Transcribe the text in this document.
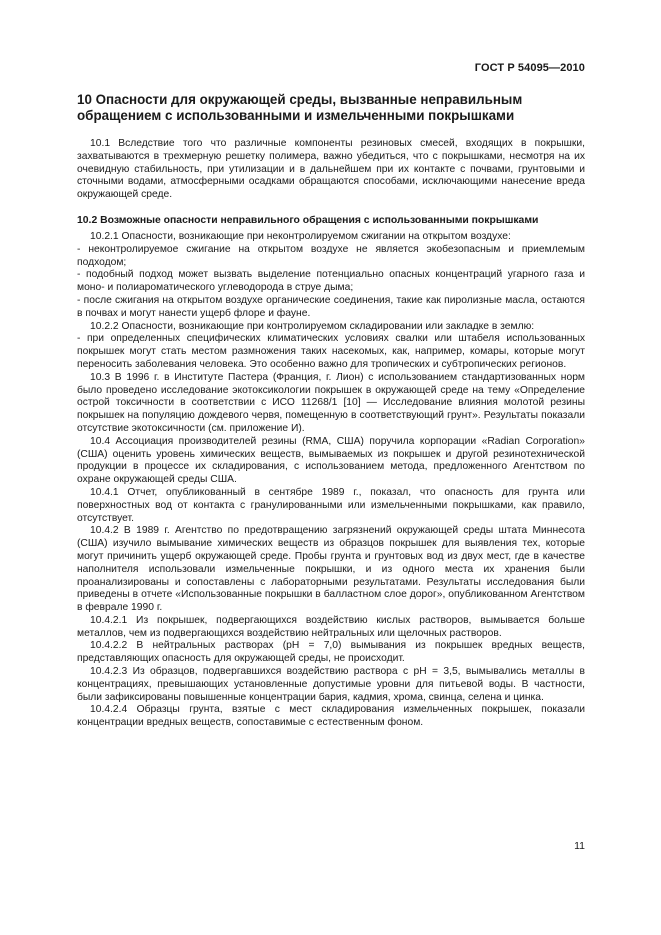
ГОСТ Р 54095—2010
10 Опасности для окружающей среды, вызванные неправильным обращением с использованными и измельченными покрышками

10.1 Вследствие того что различные компоненты резиновых смесей, входящих в покрышки, захватываются в трехмерную решетку полимера, важно убедиться, что с покрышками, несмотря на их очевидную стабильность, при утилизации и в дальнейшем при их контакте с почвами, грунтовыми и сточными водами, атмосферными осадками обращаются способами, исключающими нанесение вреда окружающей среде.

10.2 Возможные опасности неправильного обращения с использованными покрышками

10.2.1 Опасности, возникающие при неконтролируемом сжигании на открытом воздухе:

- неконтролируемое сжигание на открытом воздухе не является экобезопасным и приемлемым подходом;

- подобный подход может вызвать выделение потенциально опасных концентраций угарного газа и моно- и полиароматического углеводорода в струе дыма;

- после сжигания на открытом воздухе органические соединения, такие как пиролизные масла, остаются в почвах и могут нанести ущерб флоре и фауне.

10.2.2 Опасности, возникающие при контролируемом складировании или закладке в землю:

- при определенных специфических климатических условиях свалки или штабеля использованных покрышек могут стать местом размножения таких насекомых, как, например, комары, которые могут переносить заболевания человека. Это особенно важно для тропических и субтропических регионов.

10.3 В 1996 г. в Институте Пастера (Франция, г. Лион) с использованием стандартизованных норм было проведено исследование экотоксикологии покрышек в окружающей среде на тему «Определение острой токсичности в соответствии с ИСО 11268/1 [10] — Исследование влияния молотой резины покрышек на популяцию дождевого червя, помещенную в соответствующий грунт». Результаты показали отсутствие экотоксичности (см. приложение И).

10.4 Ассоциация производителей резины (RMA, США) поручила корпорации «Radian Corporation» (США) оценить уровень химических веществ, вымываемых из покрышек и другой резинотехнической продукции в процессе их складирования, с использованием метода, предложенного Агентством по охране окружающей среды США.

10.4.1 Отчет, опубликованный в сентябре 1989 г., показал, что опасность для грунта или поверхностных вод от контакта с гранулированными или измельченными покрышками, как правило, отсутствует.

10.4.2 В 1989 г. Агентство по предотвращению загрязнений окружающей среды штата Миннесота (США) изучило вымывание химических веществ из образцов покрышек для выявления тех, которые могут причинить ущерб окружающей среде. Пробы грунта и грунтовых вод из двух мест, где в качестве наполнителя использовали измельченные покрышки, и из одного места их хранения были проанализированы и сопоставлены с лабораторными результатами. Результаты исследования были приведены в отчете «Использованные покрышки в балластном слое дорог», опубликованном Агентством в феврале 1990 г.

10.4.2.1 Из покрышек, подвергающихся воздействию кислых растворов, вымывается больше металлов, чем из подвергающихся воздействию нейтральных или щелочных растворов.

10.4.2.2 В нейтральных растворах (pH = 7,0) вымывания из покрышек вредных веществ, представляющих опасность для окружающей среды, не происходит.

10.4.2.3 Из образцов, подвергавшихся воздействию раствора с pH = 3,5, вымывались металлы в концентрациях, превышающих установленные допустимые уровни для питьевой воды. В частности, были зафиксированы повышенные концентрации бария, кадмия, хрома, свинца, селена и цинка.

10.4.2.4 Образцы грунта, взятые с мест складирования измельченных покрышек, показали концентрации вредных веществ, сопоставимые с естественным фоном.

11
